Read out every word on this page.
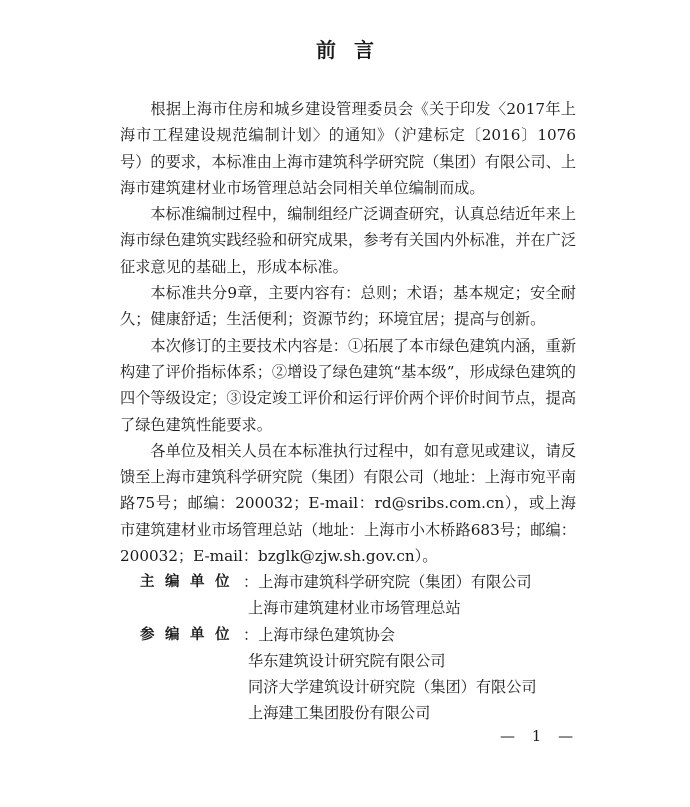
前言

根据上海市住房和城乡建设管理委员会《关于印发〈2017年上海市工程建设规范编制计划〉的通知》（沪建标定〔2016〕1076号）的要求，本标准由上海市建筑科学研究院（集团）有限公司、上海市建筑建材业市场管理总站会同相关单位编制而成。

本标准编制过程中，编制组经广泛调查研究，认真总结近年来上海市绿色建筑实践经验和研究成果，参考有关国内外标准，并在广泛征求意见的基础上，形成本标准。

本标准共分9章，主要内容有：总则；术语；基本规定；安全耐久；健康舒适；生活便利；资源节约；环境宜居；提高与创新。

本次修订的主要技术内容是：①拓展了本市绿色建筑内涵，重新构建了评价指标体系；②增设了绿色建筑“基本级”，形成绿色建筑的四个等级设定；③设定竣工评价和运行评价两个评价时间节点，提高了绿色建筑性能要求。

各单位及相关人员在本标准执行过程中，如有意见或建议，请反馈至上海市建筑科学研究院（集团）有限公司（地址：上海市宛平南路75号；邮编：200032；E-mail：rd@sribs.com.cn），或上海市建筑建材业市场管理总站（地址：上海市小木桥路683号；邮编：200032；E-mail：bzglk@zjw.sh.gov.cn）。

主 编 单 位 ： 上海市建筑科学研究院（集团）有限公司
上海市建筑建材业市场管理总站
参 编 单 位 ： 上海市绿色建筑协会
华东建筑设计研究院有限公司
同济大学建筑设计研究院（集团）有限公司
上海建工集团股份有限公司
— 1 —
